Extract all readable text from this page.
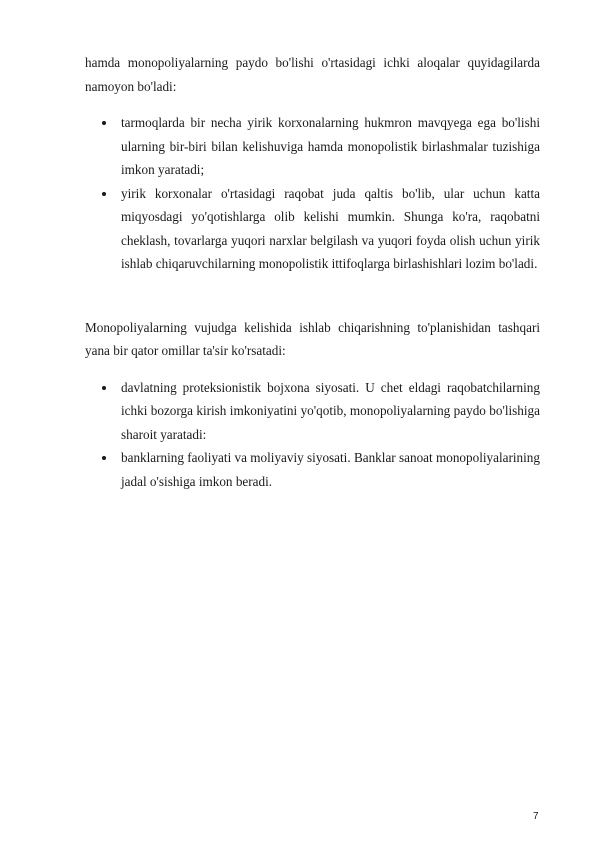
hamda monopoliyalarning paydo bo'lishi o'rtasidagi ichki aloqalar quyidagilarda namoyon bo'ladi:

tarmoqlarda bir necha yirik korxonalarning hukmron mavqyega ega bo'lishi ularning bir-biri bilan kelishuviga hamda monopolistik birlashmalar tuzishiga imkon yaratadi;
yirik korxonalar o'rtasidagi raqobat juda qaltis bo'lib, ular uchun katta miqyosdagi yo'qotishlarga olib kelishi mumkin. Shunga ko'ra, raqobatni cheklash, tovarlarga yuqori narxlar belgilash va yuqori foyda olish uchun yirik ishlab chiqaruvchilarning monopolistik ittifoqlarga birlashishlari lozim bo'ladi.

Monopoliyalarning vujudga kelishida ishlab chiqarishning to'planishidan tashqari yana bir qator omillar ta'sir ko'rsatadi:

davlatning proteksionistik bojxona siyosati. U chet eldagi raqobatchilarning ichki bozorga kirish imkoniyatini yo'qotib, monopoliyalarning paydo bo'lishiga sharoit yaratadi:
banklarning faoliyati va moliyaviy siyosati. Banklar sanoat monopoliyalarining jadal o'sishiga imkon beradi.
7
